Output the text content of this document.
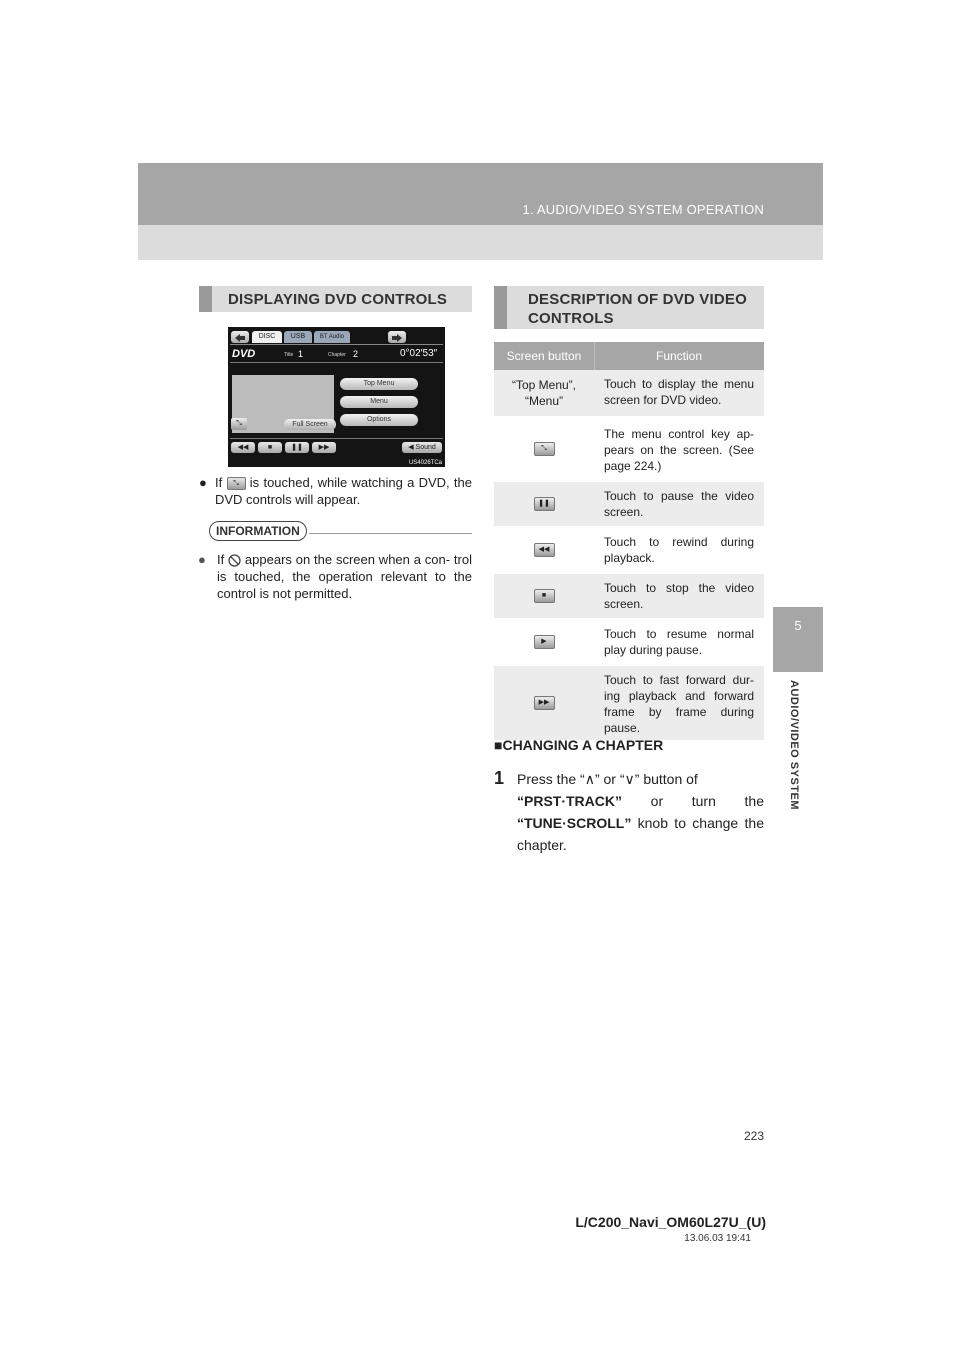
1. AUDIO/VIDEO SYSTEM OPERATION
5
AUDIO/VIDEO SYSTEM
DISPLAYING DVD CONTROLS
DISC	USB	BT Audio
DVD	Title 1	Chapter 2	0°02′53″
Top Menu
Menu
Options
⤡	Full Screen
◀◀	■	❚❚	▶▶	◀ Sound
US4026TCa
● If ⤡ is touched, while watching a DVD, the DVD controls will appear.
INFORMATION
● If appears on the screen when a con- trol is touched, the operation relevant to the control is not permitted.
DESCRIPTION OF DVD VIDEO
CONTROLS
Screen button	Function
“Top Menu”, “Menu”
Touch to display the menu screen for DVD video.
⤡
The menu control key ap- pears on the screen. (See page 224.)
❚❚
Touch to pause the video screen.
◀◀
Touch to rewind during playback.
■
Touch to stop the video screen.
▶
Touch to resume normal play during pause.
▶▶
Touch to fast forward dur- ing playback and forward frame by frame during pause.
■CHANGING A CHAPTER
1 Press the “∧” or “∨” button of
“PRST·TRACK” or turn the “TUNE·SCROLL” knob to change the chapter.
223
L/C200_Navi_OM60L27U_(U)
13.06.03 19:41
